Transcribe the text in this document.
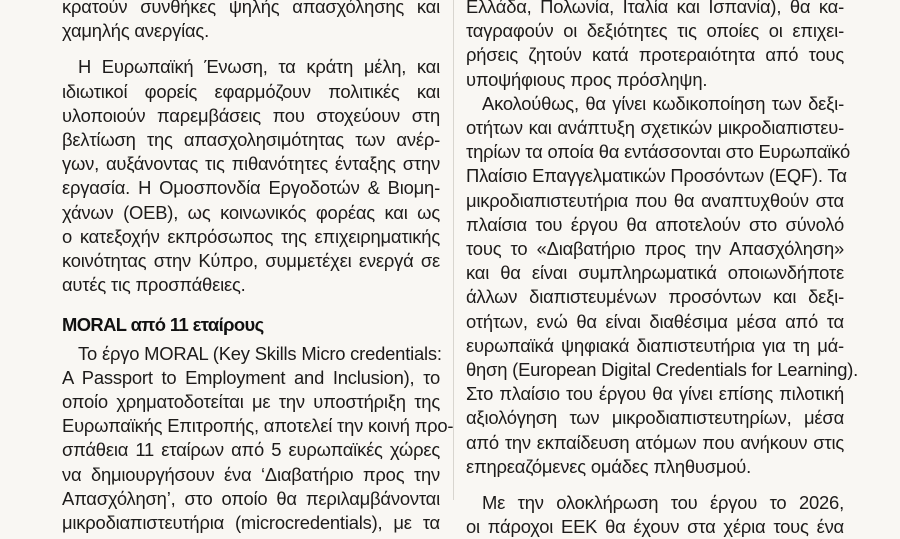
κρατούν συνθήκες ψηλής απασχόλησης και
χαμηλής ανεργίας.
Η Ευρωπαϊκή Ένωση, τα κράτη μέλη, και
ιδιωτικοί φορείς εφαρμόζουν πολιτικές και
υλοποιούν παρεμβάσεις που στοχεύουν στη
βελτίωση της απασχολησιμότητας των ανέρ-
γων, αυξάνοντας τις πιθανότητες ένταξης στην
εργασία. Η Ομοσπονδία Εργοδοτών & Βιομη-
χάνων (ΟΕΒ), ως κοινωνικός φορέας και ως
ο κατεξοχήν εκπρόσωπος της επιχειρηματικής
κοινότητας στην Κύπρο, συμμετέχει ενεργά σε
αυτές τις προσπάθειες.
MORAL από 11 εταίρους
Το έργο MORAL (Key Skills Micro credentials:
A Passport to Employment and Inclusion), το
οποίο χρηματοδοτείται με την υποστήριξη της
Ευρωπαϊκής Επιτροπής, αποτελεί την κοινή προ-
σπάθεια 11 εταίρων από 5 ευρωπαϊκές χώρες
να δημιουργήσουν ένα ‘Διαβατήριο προς την
Απασχόληση’, στο οποίο θα περιλαμβάνονται
μικροδιαπιστευτήρια (microcredentials), με τα
Ελλάδα, Πολωνία, Ιταλία και Ισπανία), θα κα-
ταγραφούν οι δεξιότητες τις οποίες οι επιχει-
ρήσεις ζητούν κατά προτεραιότητα από τους
υποψήφιους προς πρόσληψη.
Ακολούθως, θα γίνει κωδικοποίηση των δεξι-
οτήτων και ανάπτυξη σχετικών μικροδιαπιστευ-
τηρίων τα οποία θα εντάσσονται στο Ευρωπαϊκό
Πλαίσιο Επαγγελματικών Προσόντων (EQF). Τα
μικροδιαπιστευτήρια που θα αναπτυχθούν στα
πλαίσια του έργου θα αποτελούν στο σύνολό
τους το «Διαβατήριο προς την Απασχόληση»
και θα είναι συμπληρωματικά οποιωνδήποτε
άλλων διαπιστευμένων προσόντων και δεξι-
οτήτων, ενώ θα είναι διαθέσιμα μέσα από τα
ευρωπαϊκά ψηφιακά διαπιστευτήρια για τη μά-
θηση (European Digital Credentials for Learning).
Στο πλαίσιο του έργου θα γίνει επίσης πιλοτική
αξιολόγηση των μικροδιαπιστευτηρίων, μέσα
από την εκπαίδευση ατόμων που ανήκουν στις
επηρεαζόμενες ομάδες πληθυσμού.
Με την ολοκλήρωση του έργου το 2026,
οι πάροχοι ΕΕΚ θα έχουν στα χέρια τους ένα
